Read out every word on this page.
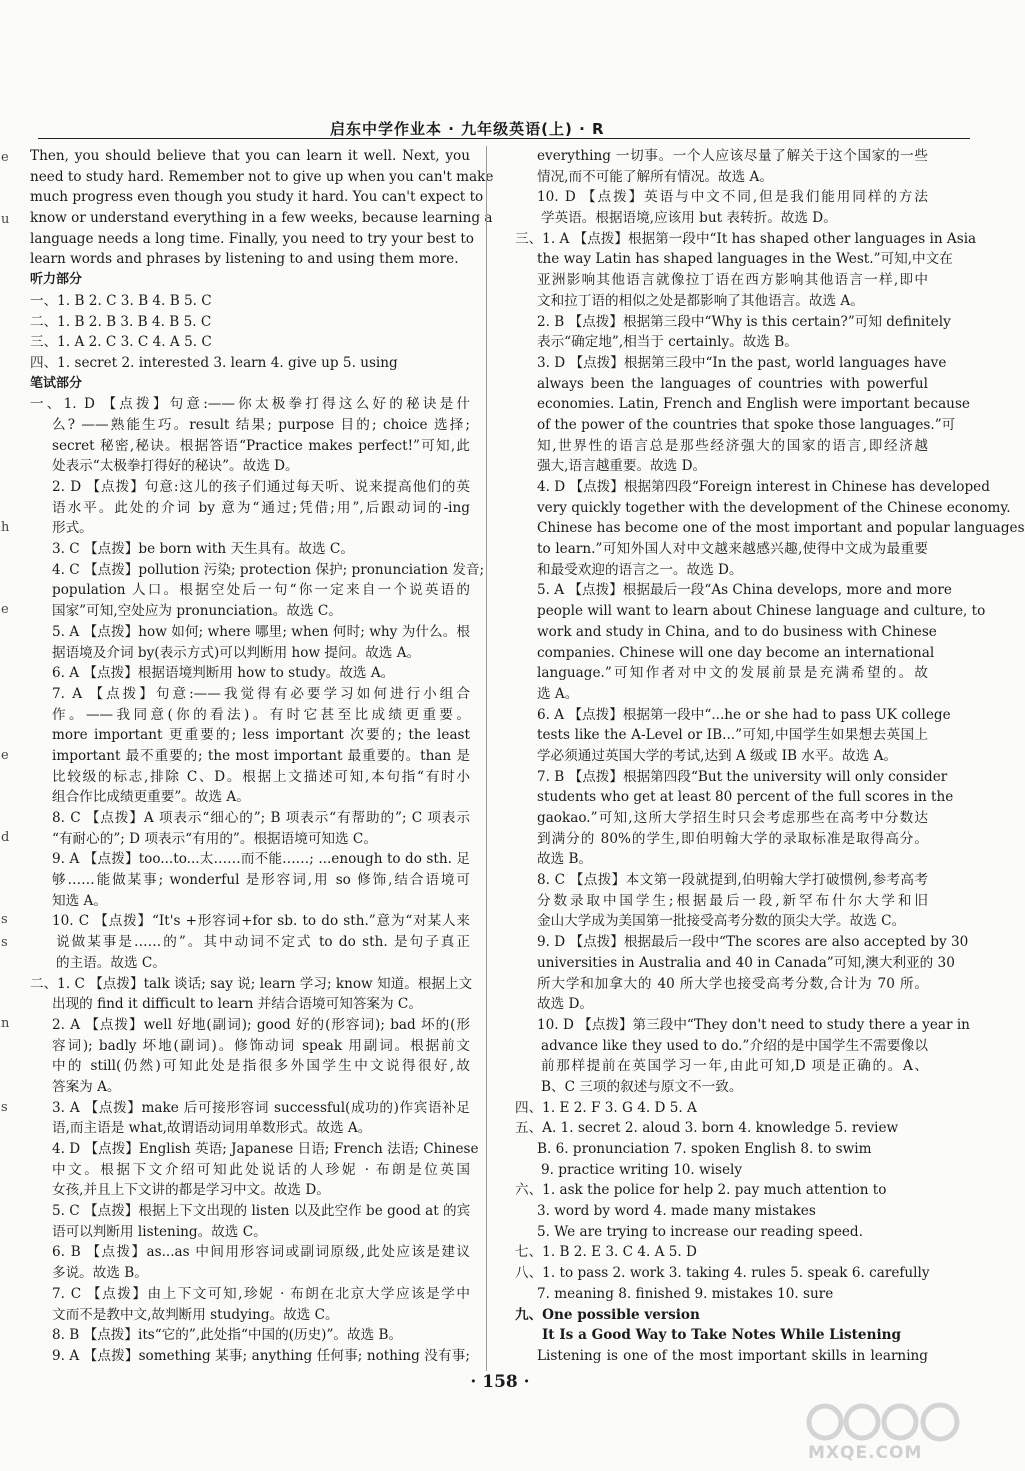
e
u
h
e
e
d
s
s
n
s
启东中学作业本 · 九年级英语(上) · R
Then, you should believe that you can learn it well. Next, you
need to study hard. Remember not to give up when you can't make
much progress even though you study it hard. You can't expect to
know or understand everything in a few weeks, because learning a
language needs a long time. Finally, you need to try your best to
learn words and phrases by listening to and using them more.
听力部分
一、1. B 2. C 3. B 4. B 5. C
二、1. B 2. B 3. B 4. B 5. C
三、1. A 2. C 3. C 4. A 5. C
四、1. secret 2. interested 3. learn 4. give up 5. using
笔试部分
一、1. D 【点拨】句意:——你太极拳打得这么好的秘诀是什
么? ——熟能生巧。result 结果; purpose 目的; choice 选择;
secret 秘密,秘诀。根据答语“Practice makes perfect!”可知,此
处表示“太极拳打得好的秘诀”。故选 D。
2. D 【点拨】句意:这儿的孩子们通过每天听、说来提高他们的英
语水平。此处的介词 by 意为“通过;凭借;用”,后跟动词的-ing
形式。
3. C 【点拨】be born with 天生具有。故选 C。
4. C 【点拨】pollution 污染; protection 保护; pronunciation 发音;
population 人口。根据空处后一句“你一定来自一个说英语的
国家”可知,空处应为 pronunciation。故选 C。
5. A 【点拨】how 如何; where 哪里; when 何时; why 为什么。根
据语境及介词 by(表示方式)可以判断用 how 提问。故选 A。
6. A 【点拨】根据语境判断用 how to study。故选 A。
7. A 【点拨】句意:——我觉得有必要学习如何进行小组合
作。——我同意(你的看法)。有时它甚至比成绩更重要。
more important 更重要的; less important 次要的; the least
important 最不重要的; the most important 最重要的。than 是
比较级的标志,排除 C、D。根据上文描述可知,本句指“有时小
组合作比成绩更重要”。故选 A。
8. C 【点拨】A 项表示“细心的”; B 项表示“有帮助的”; C 项表示
“有耐心的”; D 项表示“有用的”。根据语境可知选 C。
9. A 【点拨】too...to...太……而不能……; ...enough to do sth. 足
够……能做某事; wonderful 是形容词,用 so 修饰,结合语境可
知选 A。
10. C 【点拨】“It's +形容词+for sb. to do sth.”意为“对某人来
说做某事是……的”。其中动词不定式 to do sth. 是句子真正
的主语。故选 C。
二、1. C 【点拨】talk 谈话; say 说; learn 学习; know 知道。根据上文
出现的 find it difficult to learn 并结合语境可知答案为 C。
2. A 【点拨】well 好地(副词); good 好的(形容词); bad 坏的(形
容词); badly 坏地(副词)。修饰动词 speak 用副词。根据前文
中的 still(仍然)可知此处是指很多外国学生中文说得很好,故
答案为 A。
3. A 【点拨】make 后可接形容词 successful(成功的)作宾语补足
语,而主语是 what,故谓语动词用单数形式。故选 A。
4. D 【点拨】English 英语; Japanese 日语; French 法语; Chinese
中文。根据下文介绍可知此处说话的人珍妮 · 布朗是位英国
女孩,并且上下文讲的都是学习中文。故选 D。
5. C 【点拨】根据上下文出现的 listen 以及此空作 be good at 的宾
语可以判断用 listening。故选 C。
6. B 【点拨】as...as 中间用形容词或副词原级,此处应该是建议
多说。故选 B。
7. C 【点拨】由上下文可知,珍妮 · 布朗在北京大学应该是学中
文而不是教中文,故判断用 studying。故选 C。
8. B 【点拨】its“它的”,此处指“中国的(历史)”。故选 B。
9. A 【点拨】something 某事; anything 任何事; nothing 没有事;
everything 一切事。一个人应该尽量了解关于这个国家的一些
情况,而不可能了解所有情况。故选 A。
10. D 【点拨】英语与中文不同,但是我们能用同样的方法
学英语。根据语境,应该用 but 表转折。故选 D。
三、1. A 【点拨】根据第一段中“It has shaped other languages in Asia
the way Latin has shaped languages in the West.”可知,中文在
亚洲影响其他语言就像拉丁语在西方影响其他语言一样,即中
文和拉丁语的相似之处是都影响了其他语言。故选 A。
2. B 【点拨】根据第三段中“Why is this certain?”可知 definitely
表示“确定地”,相当于 certainly。故选 B。
3. D 【点拨】根据第三段中“In the past, world languages have
always been the languages of countries with powerful
economies. Latin, French and English were important because
of the power of the countries that spoke those languages.”可
知,世界性的语言总是那些经济强大的国家的语言,即经济越
强大,语言越重要。故选 D。
4. D 【点拨】根据第四段“Foreign interest in Chinese has developed
very quickly together with the development of the Chinese economy.
Chinese has become one of the most important and popular languages
to learn.”可知外国人对中文越来越感兴趣,使得中文成为最重要
和最受欢迎的语言之一。故选 D。
5. A 【点拨】根据最后一段“As China develops, more and more
people will want to learn about Chinese language and culture, to
work and study in China, and to do business with Chinese
companies. Chinese will one day become an international
language.”可知作者对中文的发展前景是充满希望的。故
选 A。
6. A 【点拨】根据第一段中“...he or she had to pass UK college
tests like the A-Level or IB...”可知,中国学生如果想去英国上
学必须通过英国大学的考试,达到 A 级或 IB 水平。故选 A。
7. B 【点拨】根据第四段“But the university will only consider
students who get at least 80 percent of the full scores in the
gaokao.”可知,这所大学招生时只会考虑那些在高考中分数达
到满分的 80%的学生,即伯明翰大学的录取标准是取得高分。
故选 B。
8. C 【点拨】本文第一段就提到,伯明翰大学打破惯例,参考高考
分数录取中国学生;根据最后一段,新罕布什尔大学和旧
金山大学成为美国第一批接受高考分数的顶尖大学。故选 C。
9. D 【点拨】根据最后一段中“The scores are also accepted by 30
universities in Australia and 40 in Canada”可知,澳大利亚的 30
所大学和加拿大的 40 所大学也接受高考分数,合计为 70 所。
故选 D。
10. D 【点拨】第三段中“They don't need to study there a year in
advance like they used to do.”介绍的是中国学生不需要像以
前那样提前在英国学习一年,由此可知,D 项是正确的。A、
B、C 三项的叙述与原文不一致。
四、1. E 2. F 3. G 4. D 5. A
五、A. 1. secret 2. aloud 3. born 4. knowledge 5. review
B. 6. pronunciation 7. spoken English 8. to swim
9. practice writing 10. wisely
六、1. ask the police for help 2. pay much attention to
3. word by word 4. made many mistakes
5. We are trying to increase our reading speed.
七、1. B 2. E 3. C 4. A 5. D
八、1. to pass 2. work 3. taking 4. rules 5. speak 6. carefully
7. meaning 8. finished 9. mistakes 10. sure
九、One possible version
It Is a Good Way to Take Notes While Listening
Listening is one of the most important skills in learning
· 158 ·
MXQE.COM
